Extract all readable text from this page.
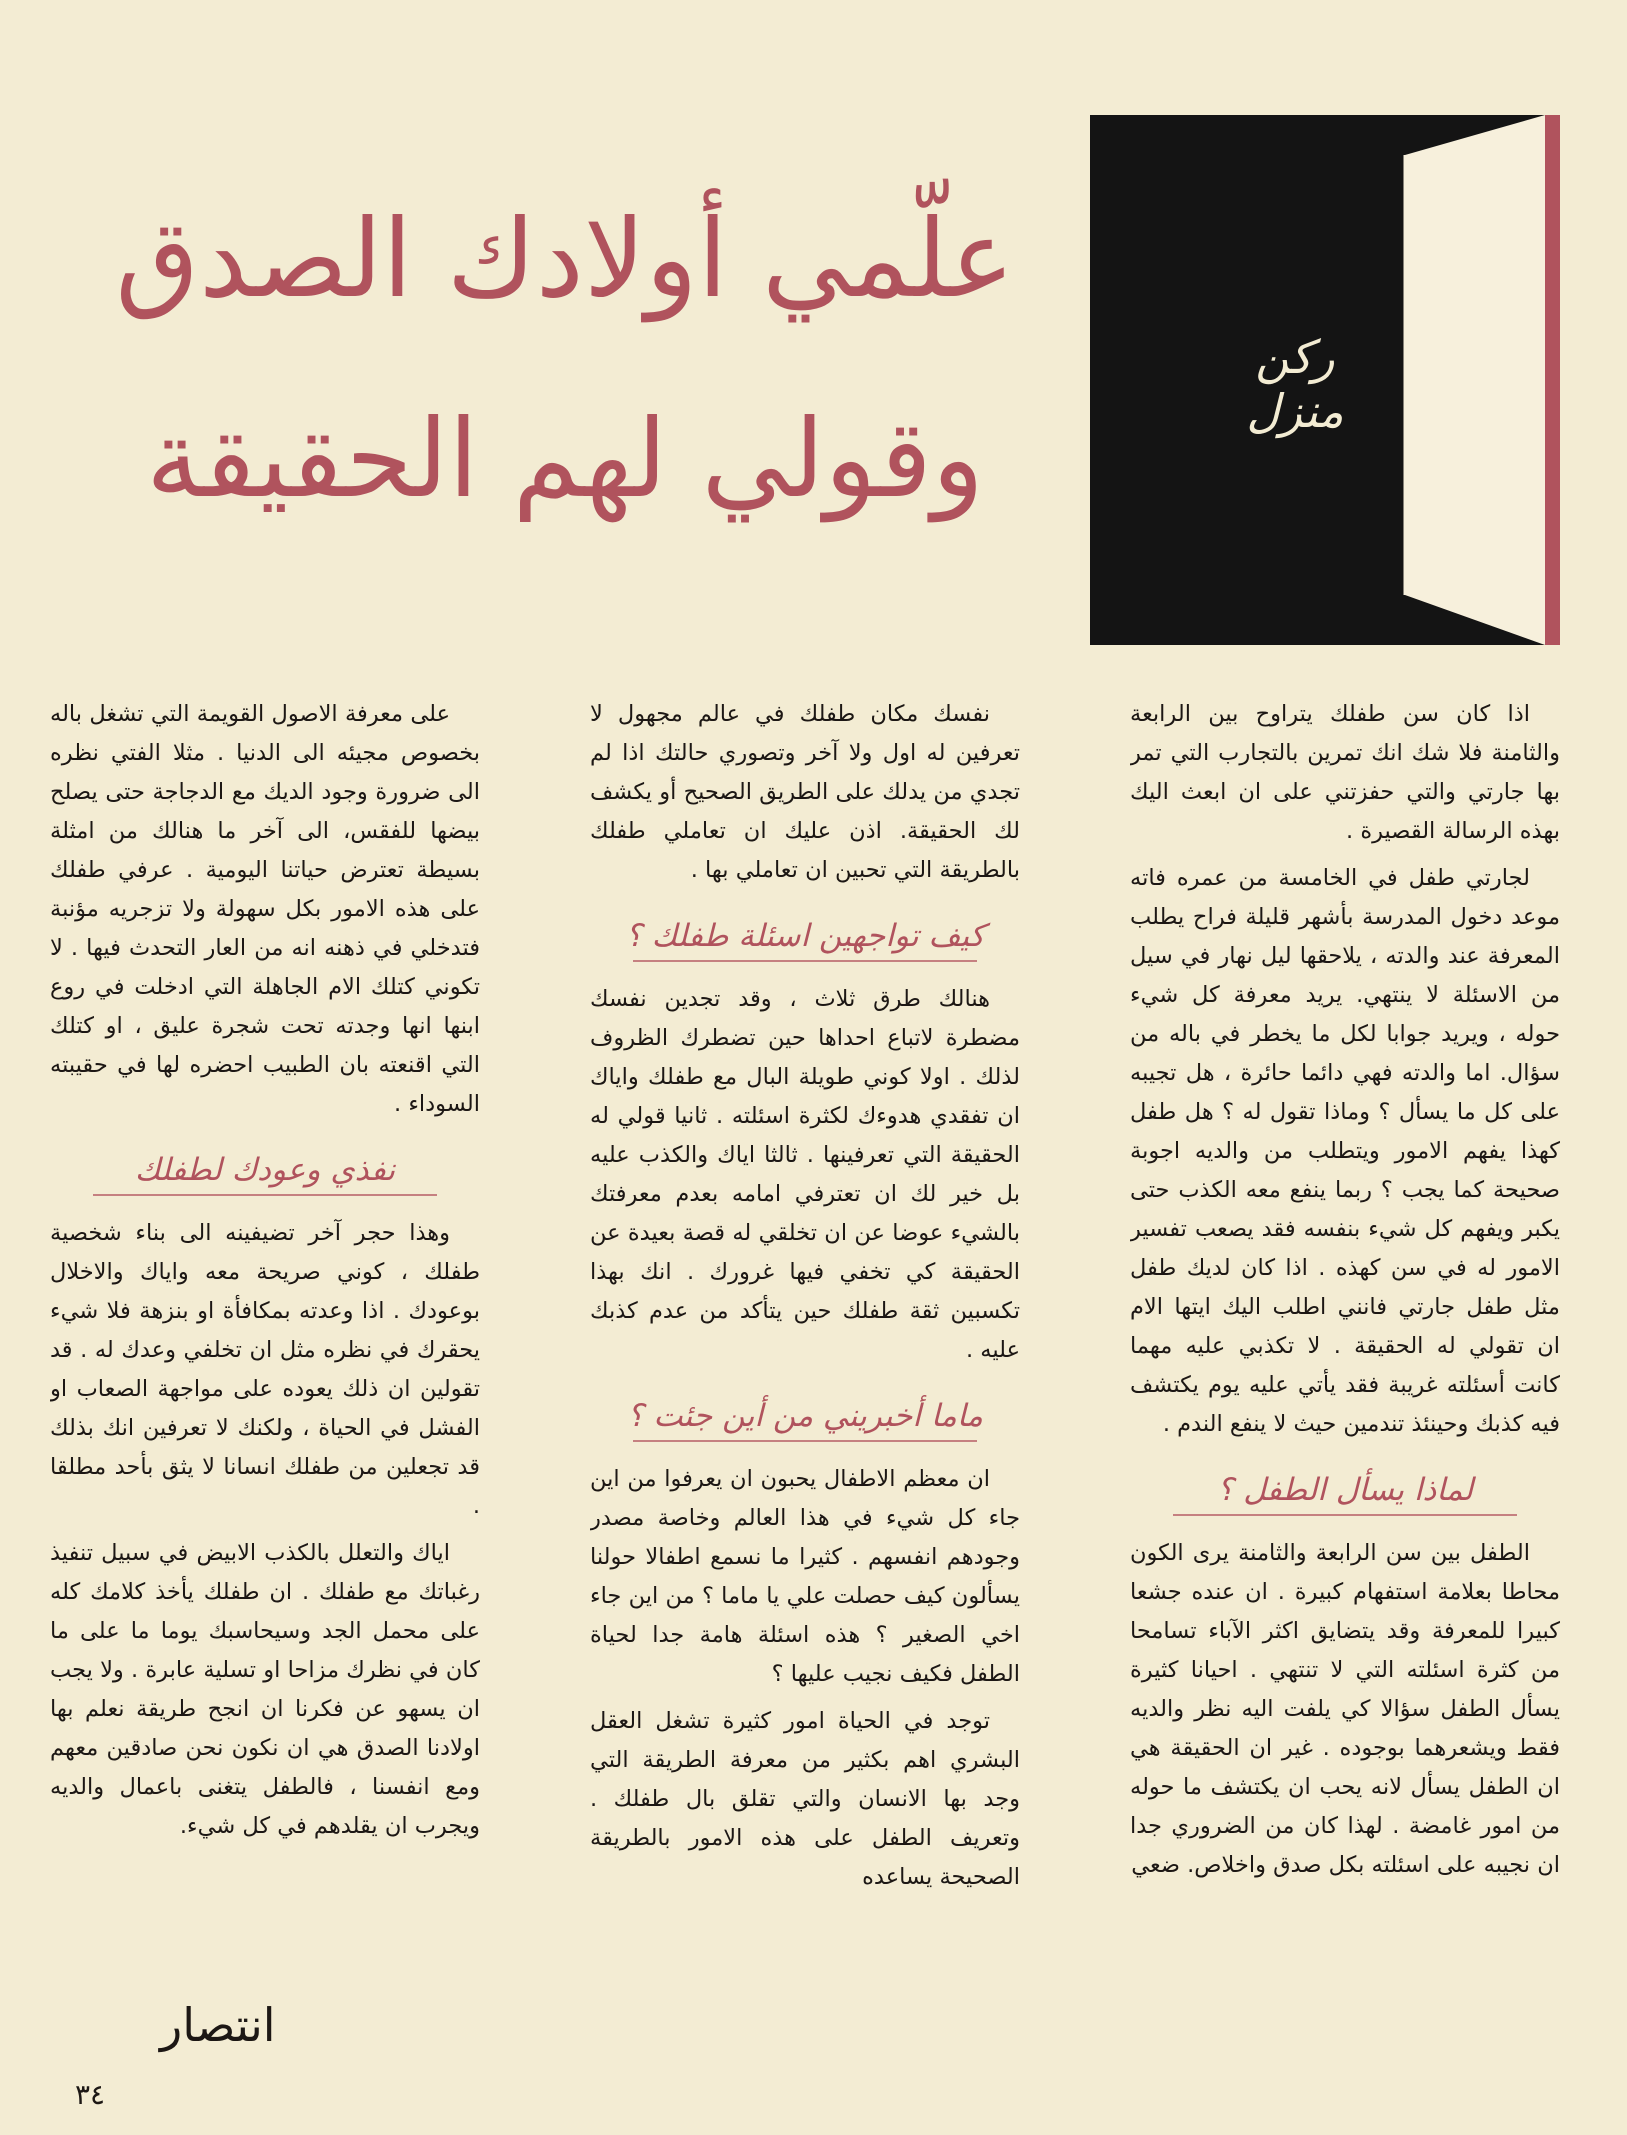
ركن
منزل
علّمي أولادك الصدق
وقولي لهم الحقيقة

اذا كان سن طفلك يتراوح بين الرابعة والثامنة فلا شك انك تمرين بالتجارب التي تمر بها جارتي والتي حفزتني على ان ابعث اليك بهذه الرسالة القصيرة .

لجارتي طفل في الخامسة من عمره فاته موعد دخول المدرسة بأشهر قليلة فراح يطلب المعرفة عند والدته ، يلاحقها ليل نهار في سيل من الاسئلة لا ينتهي. يريد معرفة كل شيء حوله ، ويريد جوابا لكل ما يخطر في باله من سؤال. اما والدته فهي دائما حائرة ، هل تجيبه على كل ما يسأل ؟ وماذا تقول له ؟ هل طفل كهذا يفهم الامور ويتطلب من والديه اجوبة صحيحة كما يجب ؟ ربما ينفع معه الكذب حتى يكبر ويفهم كل شيء بنفسه فقد يصعب تفسير الامور له في سن كهذه . اذا كان لديك طفل مثل طفل جارتي فانني اطلب اليك ايتها الام ان تقولي له الحقيقة . لا تكذبي عليه مهما كانت أسئلته غريبة فقد يأتي عليه يوم يكتشف فيه كذبك وحينئذ تندمين حيث لا ينفع الندم .

لماذا يسأل الطفل ؟

الطفل بين سن الرابعة والثامنة يرى الكون محاطا بعلامة استفهام كبيرة . ان عنده جشعا كبيرا للمعرفة وقد يتضايق اكثر الآباء تسامحا من كثرة اسئلته التي لا تنتهي . احيانا كثيرة يسأل الطفل سؤالا كي يلفت اليه نظر والديه فقط ويشعرهما بوجوده . غير ان الحقيقة هي ان الطفل يسأل لانه يحب ان يكتشف ما حوله من امور غامضة . لهذا كان من الضروري جدا ان نجيبه على اسئلته بكل صدق واخلاص. ضعي

نفسك مكان طفلك في عالم مجهول لا تعرفين له اول ولا آخر وتصوري حالتك اذا لم تجدي من يدلك على الطريق الصحيح أو يكشف لك الحقيقة. اذن عليك ان تعاملي طفلك بالطريقة التي تحبين ان تعاملي بها .

كيف تواجهين اسئلة طفلك ؟

هنالك طرق ثلاث ، وقد تجدين نفسك مضطرة لاتباع احداها حين تضطرك الظروف لذلك . اولا كوني طويلة البال مع طفلك واياك ان تفقدي هدوءك لكثرة اسئلته . ثانيا قولي له الحقيقة التي تعرفينها . ثالثا اياك والكذب عليه بل خير لك ان تعترفي امامه بعدم معرفتك بالشيء عوضا عن ان تخلقي له قصة بعيدة عن الحقيقة كي تخفي فيها غرورك . انك بهذا تكسبين ثقة طفلك حين يتأكد من عدم كذبك عليه .

ماما أخبريني من أين جئت ؟

ان معظم الاطفال يحبون ان يعرفوا من اين جاء كل شيء في هذا العالم وخاصة مصدر وجودهم انفسهم . كثيرا ما نسمع اطفالا حولنا يسألون كيف حصلت علي يا ماما ؟ من اين جاء اخي الصغير ؟ هذه اسئلة هامة جدا لحياة الطفل فكيف نجيب عليها ؟

توجد في الحياة امور كثيرة تشغل العقل البشري اهم بكثير من معرفة الطريقة التي وجد بها الانسان والتي تقلق بال طفلك . وتعريف الطفل على هذه الامور بالطريقة الصحيحة يساعده

على معرفة الاصول القويمة التي تشغل باله بخصوص مجيئه الى الدنيا . مثلا الفتي نظره الى ضرورة وجود الديك مع الدجاجة حتى يصلح بيضها للفقس، الى آخر ما هنالك من امثلة بسيطة تعترض حياتنا اليومية . عرفي طفلك على هذه الامور بكل سهولة ولا تزجريه مؤنبة فتدخلي في ذهنه انه من العار التحدث فيها . لا تكوني كتلك الام الجاهلة التي ادخلت في روع ابنها انها وجدته تحت شجرة عليق ، او كتلك التي اقنعته بان الطبيب احضره لها في حقيبته السوداء .

نفذي وعودك لطفلك

وهذا حجر آخر تضيفينه الى بناء شخصية طفلك ، كوني صريحة معه واياك والاخلال بوعودك . اذا وعدته بمكافأة او بنزهة فلا شيء يحقرك في نظره مثل ان تخلفي وعدك له . قد تقولين ان ذلك يعوده على مواجهة الصعاب او الفشل في الحياة ، ولكنك لا تعرفين انك بذلك قد تجعلين من طفلك انسانا لا يثق بأحد مطلقا .

اياك والتعلل بالكذب الابيض في سبيل تنفيذ رغباتك مع طفلك . ان طفلك يأخذ كلامك كله على محمل الجد وسيحاسبك يوما ما على ما كان في نظرك مزاحا او تسلية عابرة . ولا يجب ان يسهو عن فكرنا ان انجح طريقة نعلم بها اولادنا الصدق هي ان نكون نحن صادقين معهم ومع انفسنا ، فالطفل يتغنى باعمال والديه ويجرب ان يقلدهم في كل شيء.

انتصار
٣٤
